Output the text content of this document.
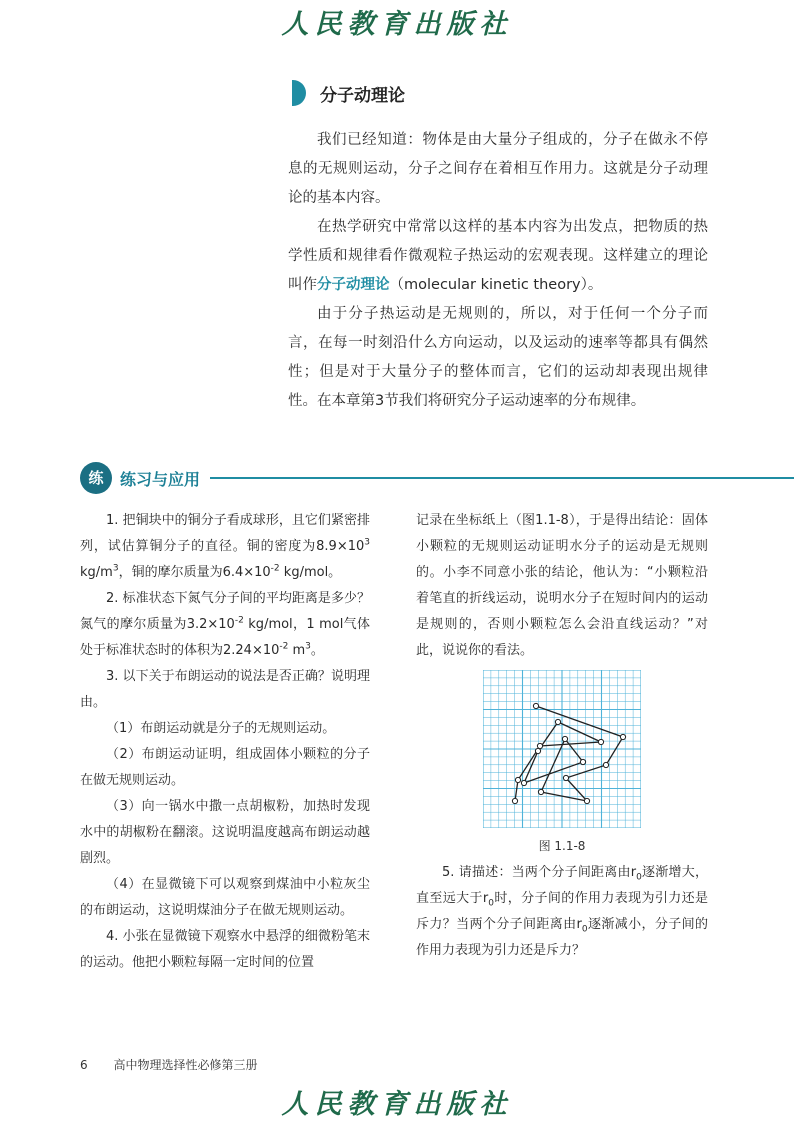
人民教育出版社
分子动理论

我们已经知道：物体是由大量分子组成的，分子在做永不停息的无规则运动，分子之间存在着相互作用力。这就是分子动理论的基本内容。

在热学研究中常常以这样的基本内容为出发点，把物质的热学性质和规律看作微观粒子热运动的宏观表现。这样建立的理论叫作分子动理论（molecular kinetic theory）。

由于分子热运动是无规则的，所以，对于任何一个分子而言，在每一时刻沿什么方向运动，以及运动的速率等都具有偶然性；但是对于大量分子的整体而言，它们的运动却表现出规律性。在本章第3节我们将研究分子运动速率的分布规律。

练	练习与应用

1. 把铜块中的铜分子看成球形，且它们紧密排列，试估算铜分子的直径。铜的密度为$8.9\times 10^3$ $kg/m^3$，铜的摩尔质量为$6.4\times 10^{-2}$ kg/mol。

2. 标准状态下氮气分子间的平均距离是多少？氮气的摩尔质量为$3.2\times 10^{-2}$ kg/mol，1 mol气体处于标准状态时的体积为$2.24\times 10^{-2}$ $m^3$。

3. 以下关于布朗运动的说法是否正确？说明理由。

（1）布朗运动就是分子的无规则运动。

（2）布朗运动证明，组成固体小颗粒的分子在做无规则运动。

（3）向一锅水中撒一点胡椒粉，加热时发现水中的胡椒粉在翻滚。这说明温度越高布朗运动越剧烈。

（4）在显微镜下可以观察到煤油中小粒灰尘的布朗运动，这说明煤油分子在做无规则运动。

4. 小张在显微镜下观察水中悬浮的细微粉笔末的运动。他把小颗粒每隔一定时间的位置

记录在坐标纸上（图1.1-8），于是得出结论：固体小颗粒的无规则运动证明水分子的运动是无规则的。小李不同意小张的结论，他认为：“小颗粒沿着笔直的折线运动，说明水分子在短时间内的运动是规则的，否则小颗粒怎么会沿直线运动？”对此，说说你的看法。

图 1.1-8

5. 请描述：当两个分子间距离由$r_0$逐渐增大，直至远大于$r_0$时，分子间的作用力表现为引力还是斥力？当两个分子间距离由$r_0$逐渐减小，分子间的作用力表现为引力还是斥力？

6 高中物理选择性必修第三册
人民教育出版社
